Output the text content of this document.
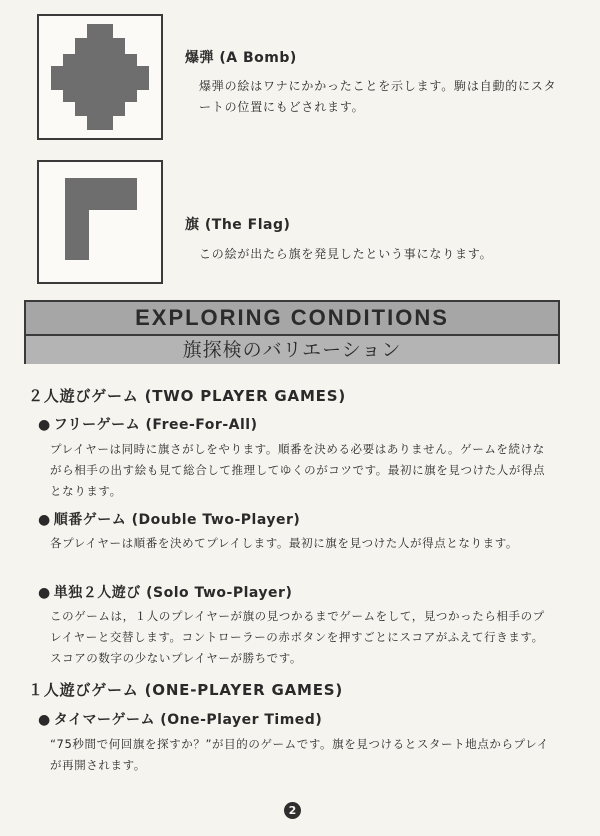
爆弾 (A Bomb)
爆弾の絵はワナにかかったことを示します。駒は自動的にスタートの位置にもどされます。
旗 (The Flag)
この絵が出たら旗を発見したという事になります。
EXPLORING CONDITIONS
旗探検のバリエーション
２人遊びゲーム (TWO PLAYER GAMES)
● フリーゲーム (Free-For-All)
プレイヤーは同時に旗さがしをやります。順番を決める必要はありません。ゲームを続けながら相手の出す絵も見て総合して推理してゆくのがコツです。最初に旗を見つけた人が得点となります。
● 順番ゲーム (Double Two-Player)
各プレイヤーは順番を決めてプレイします。最初に旗を見つけた人が得点となります。
● 単独２人遊び (Solo Two-Player)
このゲームは，１人のプレイヤーが旗の見つかるまでゲームをして，見つかったら相手のプレイヤーと交替します。コントローラーの赤ボタンを押すごとにスコアがふえて行きます。スコアの数字の少ないプレイヤーが勝ちです。
１人遊びゲーム (ONE-PLAYER GAMES)
● タイマーゲーム (One-Player Timed)
“75秒間で何回旗を探すか？”が目的のゲームです。旗を見つけるとスタート地点からプレイが再開されます。
2
